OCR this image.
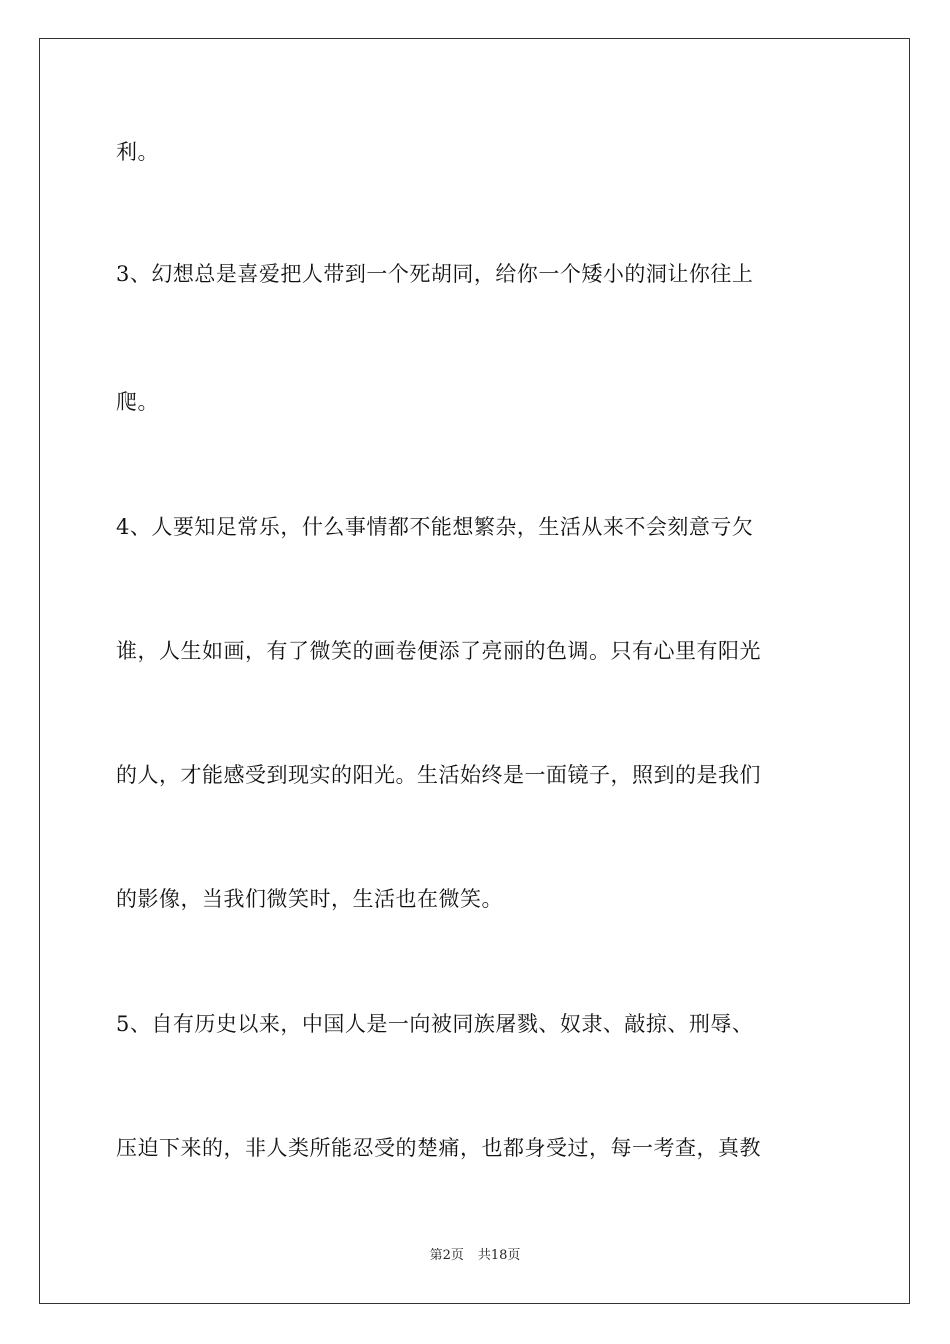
利。
3、幻想总是喜爱把人带到一个死胡同，给你一个矮小的洞让你往上
爬。
4、人要知足常乐，什么事情都不能想繁杂，生活从来不会刻意亏欠
谁，人生如画，有了微笑的画卷便添了亮丽的色调。只有心里有阳光
的人，才能感受到现实的阳光。生活始终是一面镜子，照到的是我们
的影像，当我们微笑时，生活也在微笑。
5、自有历史以来，中国人是一向被同族屠戮、奴隶、敲掠、刑辱、
压迫下来的，非人类所能忍受的楚痛，也都身受过，每一考查，真教
第2页 共18页
